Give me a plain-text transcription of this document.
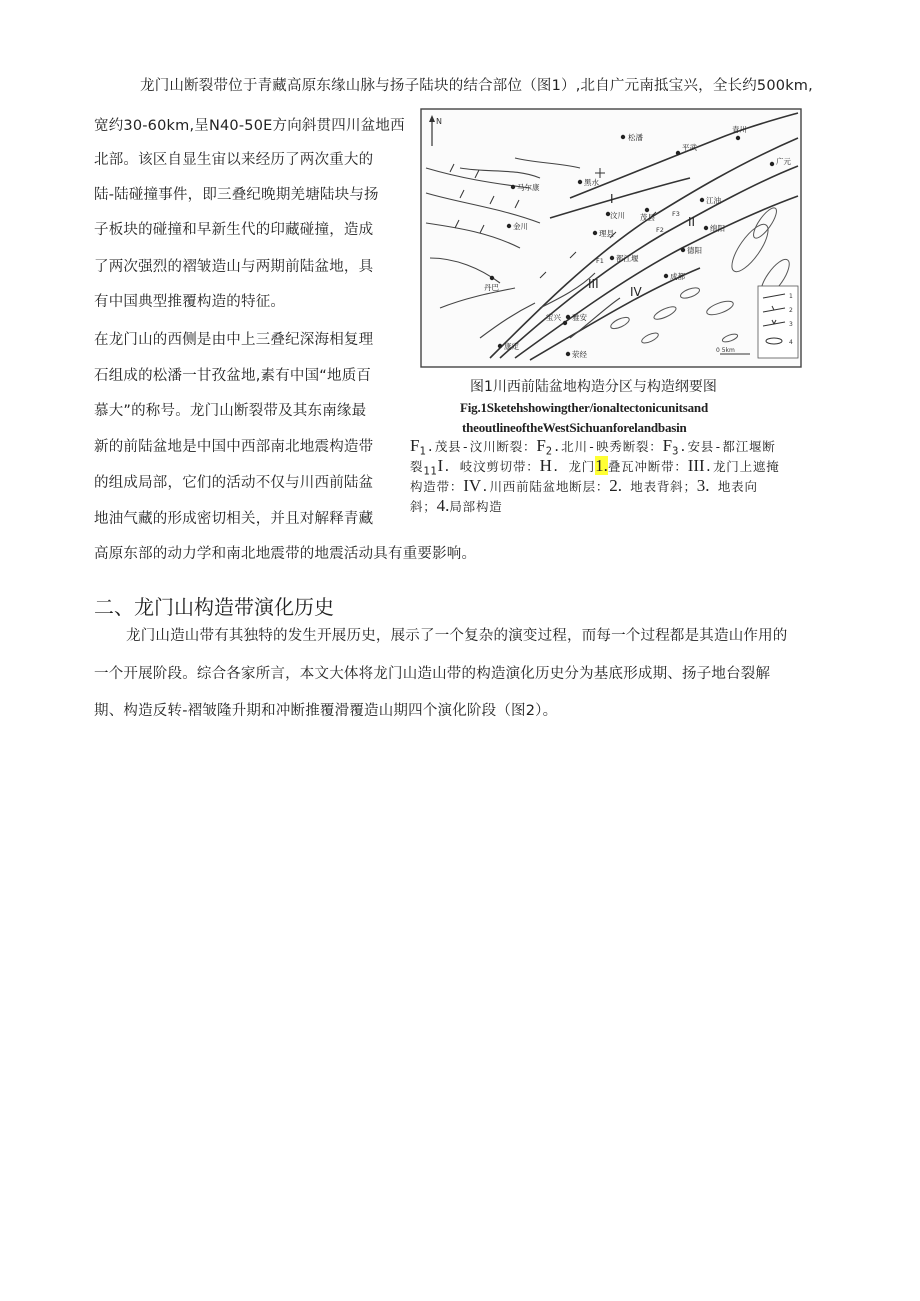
龙门山断裂带位于青藏高原东缘山脉与扬子陆块的结合部位（图1）,北自广元南抵宝兴，全长约500km,
宽约30-60km,呈N40-50E方向斜贯四川盆地西
北部。该区自显生宙以来经历了两次重大的
陆-陆碰撞事件，即三叠纪晚期羌塘陆块与扬
子板块的碰撞和早新生代的印藏碰撞，造成
了两次强烈的褶皱造山与两期前陆盆地，具
有中国典型推覆构造的特征。
在龙门山的西侧是由中上三叠纪深海相复理
石组成的松潘一甘孜盆地,素有中国“地质百
慕大”的称号。龙门山断裂带及其东南缘最
新的前陆盆地是中国中西部南北地震构造带
的组成局部，它们的活动不仅与川西前陆盆
地油气藏的形成密切相关，并且对解释青藏
高原东部的动力学和南北地震带的地震活动具有重要影响。
N
松潘
平武
青川
广元
马尔康
黑水
茂县
江油
汶川
金川	绵阳
理县
都江堰
德阳
成都
丹巴
宝兴 雅安
康定
荥经
I
II
III
IV
F1
F2
F3
1
2
3
4
0 5km
图1川西前陆盆地构造分区与构造纲要图
Fig.1Sketehshowingther/ionaltectonicunitsand
theoutlineoftheWestSichuanforelandbasin
$F_1$.茂县-汶川断裂：$F_2$.北川-映秀断裂：$F_3$.安县-都江堰断
裂$_{11}$I. 岐汶剪切带：H. 龙门1.叠瓦冲断带：III.龙门上遮掩
构造带：IV.川西前陆盆地断层：2. 地表背斜；3. 地表向
斜；4.局部构造
二、龙门山构造带演化历史
龙门山造山带有其独特的发生开展历史，展示了一个复杂的演变过程，而每一个过程都是其造山作用的
一个开展阶段。综合各家所言，本文大体将龙门山造山带的构造演化历史分为基底形成期、扬子地台裂解
期、构造反转-褶皱隆升期和冲断推覆滑覆造山期四个演化阶段（图2）。
